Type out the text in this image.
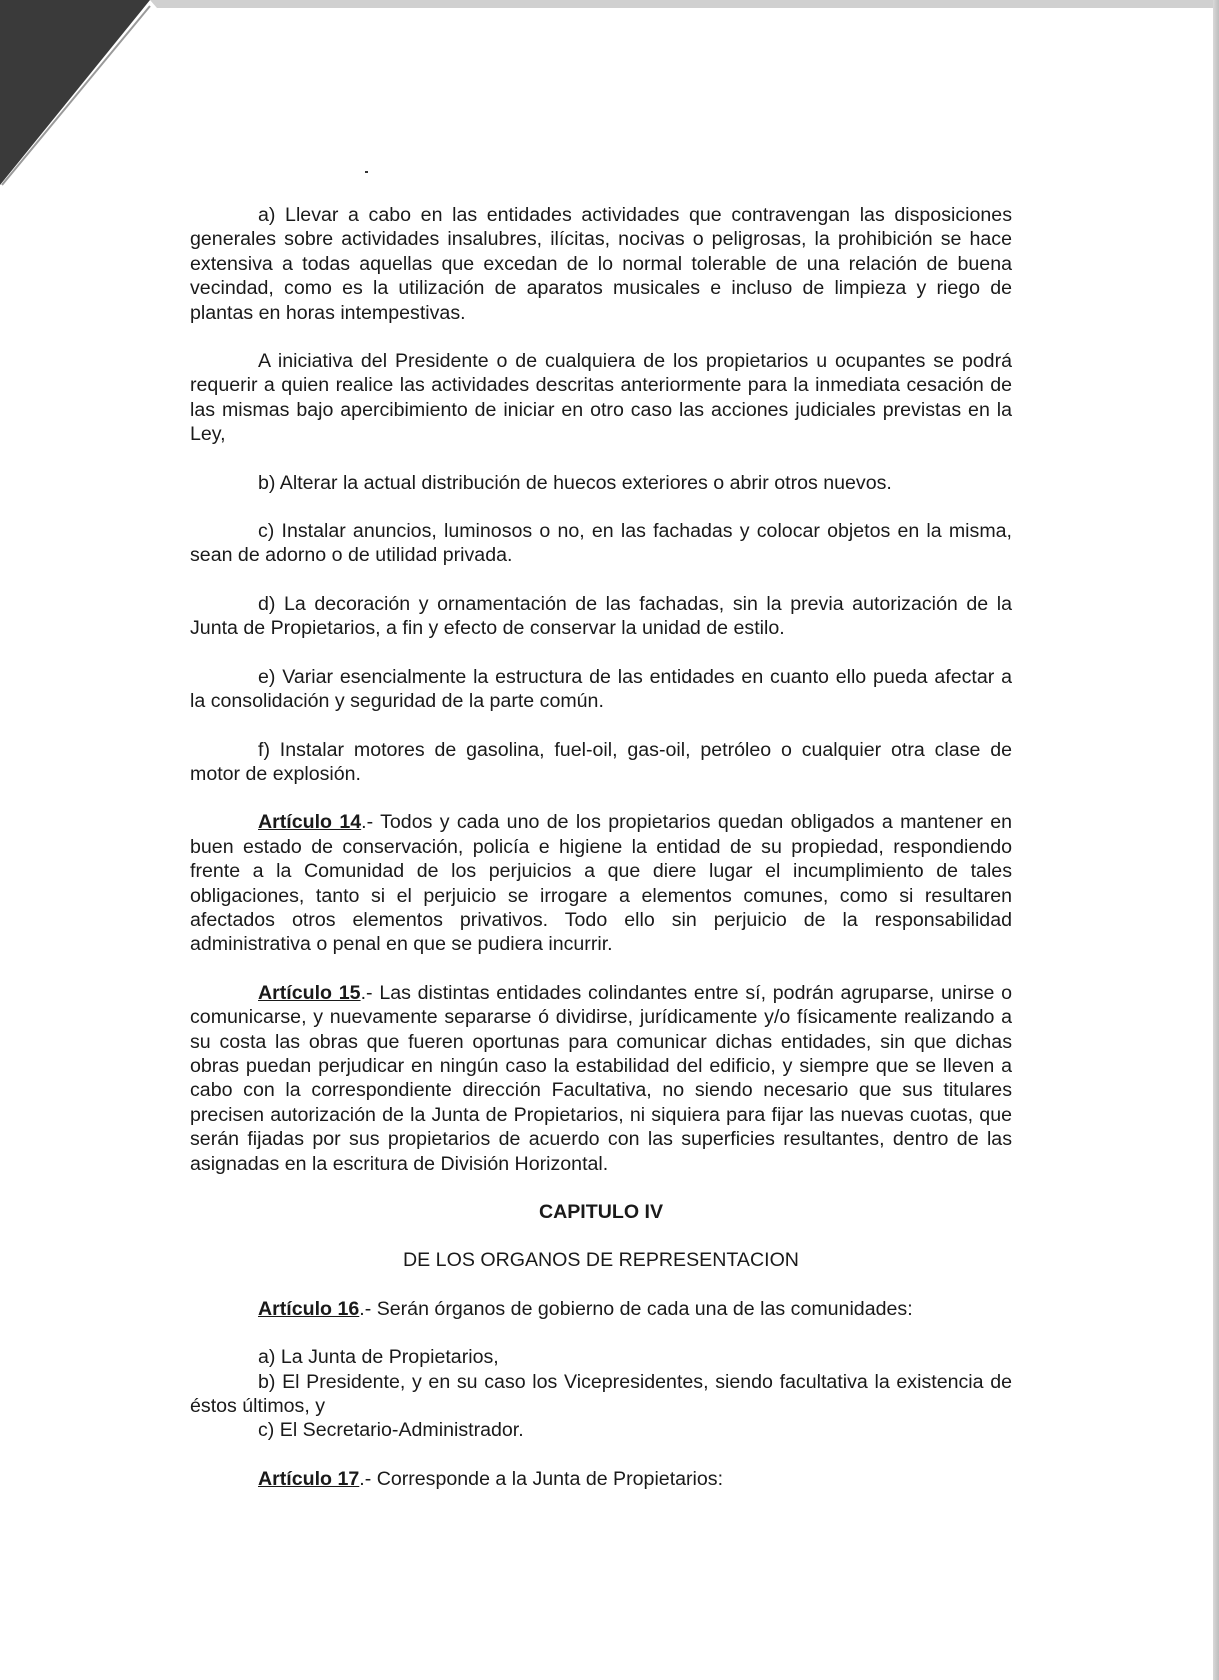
a) Llevar a cabo en las entidades actividades que contravengan las disposiciones generales sobre actividades insalubres, ilícitas, nocivas o peligrosas, la prohibición se hace extensiva a todas aquellas que excedan de lo normal tolerable de una relación de buena vecindad, como es la utilización de aparatos musicales e incluso de limpieza y riego de plantas en horas intempestivas.

A iniciativa del Presidente o de cualquiera de los propietarios u ocupantes se podrá requerir a quien realice las actividades descritas anteriormente para la inmediata cesación de las mismas bajo apercibimiento de iniciar en otro caso las acciones judiciales previstas en la Ley,

b) Alterar la actual distribución de huecos exteriores o abrir otros nuevos.

c) Instalar anuncios, luminosos o no, en las fachadas y colocar objetos en la misma, sean de adorno o de utilidad privada.

d) La decoración y ornamentación de las fachadas, sin la previa autorización de la Junta de Propietarios, a fin y efecto de conservar la unidad de estilo.

e) Variar esencialmente la estructura de las entidades en cuanto ello pueda afectar a la consolidación y seguridad de la parte común.

f) Instalar motores de gasolina, fuel-oil, gas-oil, petróleo o cualquier otra clase de motor de explosión.

Artículo 14.- Todos y cada uno de los propietarios quedan obligados a mantener en buen estado de conservación, policía e higiene la entidad de su propiedad, respondiendo frente a la Comunidad de los perjuicios a que diere lugar el incumplimiento de tales obligaciones, tanto si el perjuicio se irrogare a elementos comunes, como si resultaren afectados otros elementos privativos. Todo ello sin perjuicio de la responsabilidad administrativa o penal en que se pudiera incurrir.

Artículo 15.- Las distintas entidades colindantes entre sí, podrán agruparse, unirse o comunicarse, y nuevamente separarse ó dividirse, jurídicamente y/o físicamente realizando a su costa las obras que fueren oportunas para comunicar dichas entidades, sin que dichas obras puedan perjudicar en ningún caso la estabilidad del edificio, y siempre que se lleven a cabo con la correspondiente dirección Facultativa, no siendo necesario que sus titulares precisen autorización de la Junta de Propietarios, ni siquiera para fijar las nuevas cuotas, que serán fijadas por sus propietarios de acuerdo con las superficies resultantes, dentro de las asignadas en la escritura de División Horizontal.

CAPITULO IV

DE LOS ORGANOS DE REPRESENTACION

Artículo 16.- Serán órganos de gobierno de cada una de las comunidades:

a) La Junta de Propietarios,

b) El Presidente, y en su caso los Vicepresidentes, siendo facultativa la existencia de éstos últimos, y

c) El Secretario-Administrador.

Artículo 17.- Corresponde a la Junta de Propietarios:
